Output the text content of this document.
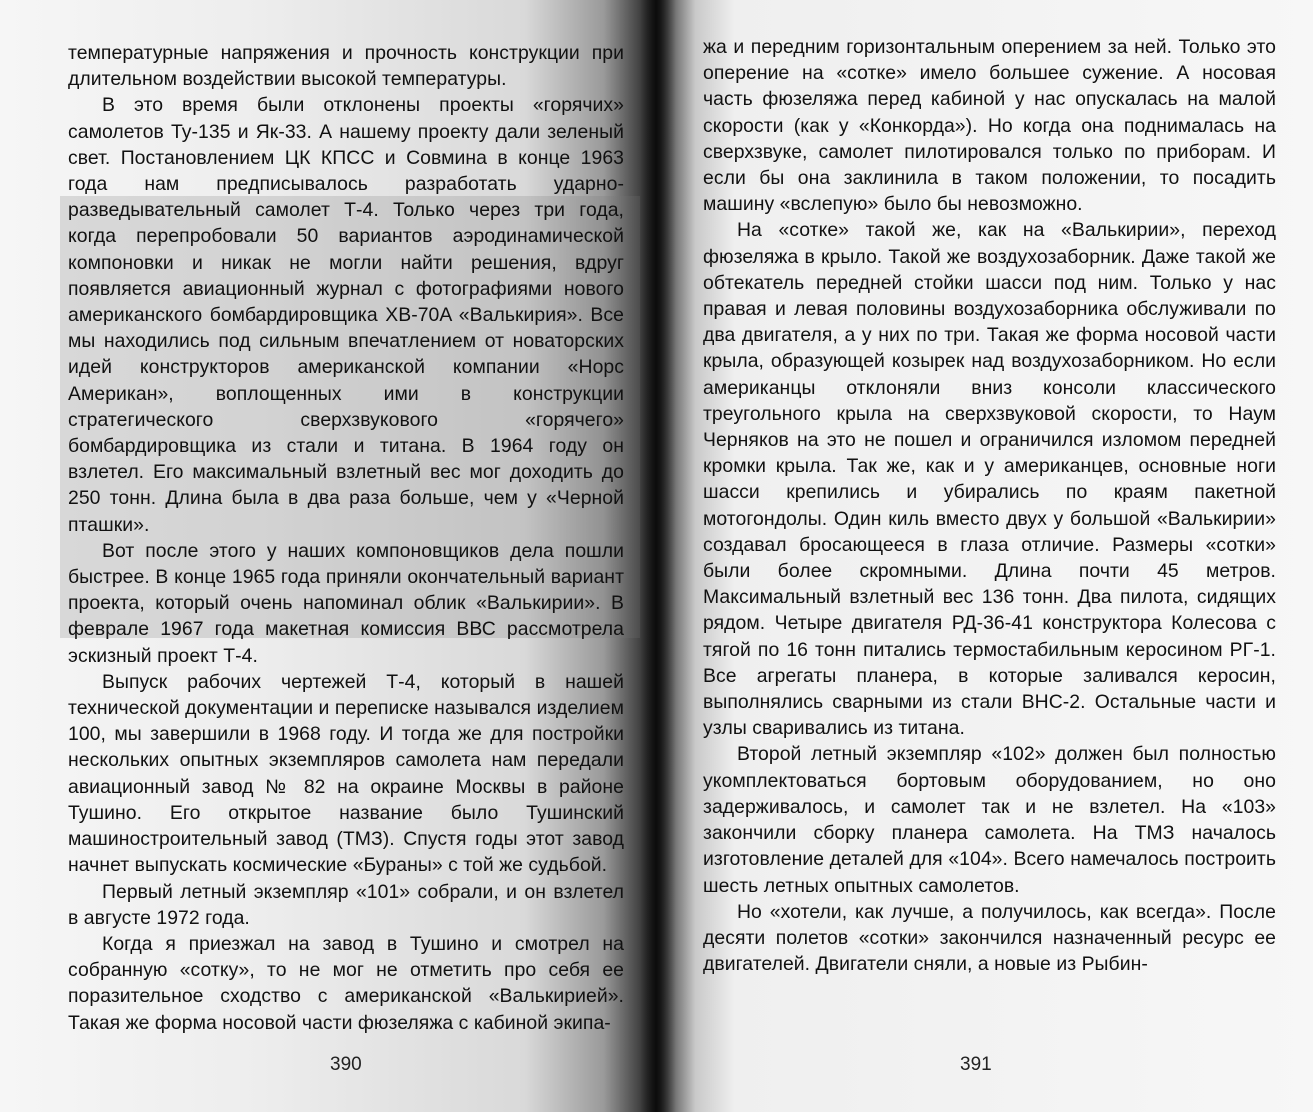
температурные напряжения и прочность конструкции при длительном воздействии высокой температуры.

В это время были отклонены проекты «горячих» самолетов Ту-135 и Як-33. А нашему проекту дали зеленый свет. Постановлением ЦК КПСС и Совмина в конце 1963 года нам предписывалось разработать ударно-разведывательный самолет Т-4. Только через три года, когда перепробовали 50 вариантов аэродинамической компоновки и никак не могли найти решения, вдруг появляется авиационный журнал с фотографиями нового американского бомбардировщика XB-70A «Валькирия». Все мы находились под сильным впечатлением от новаторских идей конструкторов американской компании «Норс Американ», воплощенных ими в конструкции стратегического сверхзвукового «горячего» бомбардировщика из стали и титана. В 1964 году он взлетел. Его максимальный взлетный вес мог доходить до 250 тонн. Длина была в два раза больше, чем у «Черной пташки».

Вот после этого у наших компоновщиков дела пошли быстрее. В конце 1965 года приняли окончательный вариант проекта, который очень напоминал облик «Валькирии». В феврале 1967 года макетная комиссия ВВС рассмотрела эскизный проект Т-4.

Выпуск рабочих чертежей Т-4, который в нашей технической документации и переписке назывался изделием 100, мы завершили в 1968 году. И тогда же для постройки нескольких опытных экземпляров самолета нам передали авиационный завод № 82 на окраине Москвы в районе Тушино. Его открытое название было Тушинский машиностроительный завод (ТМЗ). Спустя годы этот завод начнет выпускать космические «Бураны» с той же судьбой.

Первый летный экземпляр «101» собрали, и он взлетел в августе 1972 года.

Когда я приезжал на завод в Тушино и смотрел на собранную «сотку», то не мог не отметить про себя ее поразительное сходство с американской «Валькирией». Такая же форма носовой части фюзеляжа с кабиной экипа-

390

жа и передним горизонтальным оперением за ней. Только это оперение на «сотке» имело большее сужение. А носовая часть фюзеляжа перед кабиной у нас опускалась на малой скорости (как у «Конкорда»). Но когда она поднималась на сверхзвуке, самолет пилотировался только по приборам. И если бы она заклинила в таком положении, то посадить машину «вслепую» было бы невозможно.

На «сотке» такой же, как на «Валькирии», переход фюзеляжа в крыло. Такой же воздухозаборник. Даже такой же обтекатель передней стойки шасси под ним. Только у нас правая и левая половины воздухозаборника обслуживали по два двигателя, а у них по три. Такая же форма носовой части крыла, образующей козырек над воздухозаборником. Но если американцы отклоняли вниз консоли классического треугольного крыла на сверхзвуковой скорости, то Наум Черняков на это не пошел и ограничился изломом передней кромки крыла. Так же, как и у американцев, основные ноги шасси крепились и убирались по краям пакетной мотогондолы. Один киль вместо двух у большой «Валькирии» создавал бросающееся в глаза отличие. Размеры «сотки» были более скромными. Длина почти 45 метров. Максимальный взлетный вес 136 тонн. Два пилота, сидящих рядом. Четыре двигателя РД-36-41 конструктора Колесова с тягой по 16 тонн питались термостабильным керосином РГ-1. Все агрегаты планера, в которые заливался керосин, выполнялись сварными из стали ВНС-2. Остальные части и узлы сваривались из титана.

Второй летный экземпляр «102» должен был полностью укомплектоваться бортовым оборудованием, но оно задерживалось, и самолет так и не взлетел. На «103» закончили сборку планера самолета. На ТМЗ началось изготовление деталей для «104». Всего намечалось построить шесть летных опытных самолетов.

Но «хотели, как лучше, а получилось, как всегда». После десяти полетов «сотки» закончился назначенный ресурс ее двигателей. Двигатели сняли, а новые из Рыбин-

391
